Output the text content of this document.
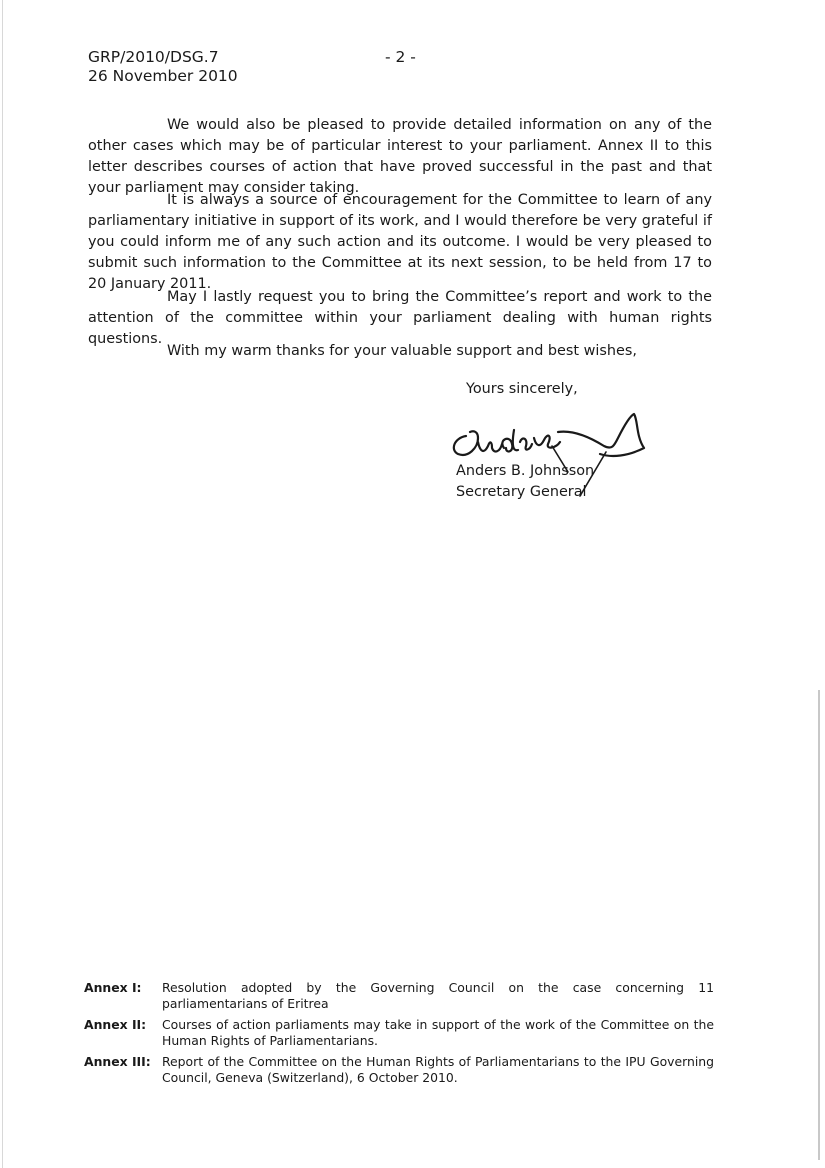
GRP/2010/DSG.7
26 November 2010
- 2 -

We would also be pleased to provide detailed information on any of the other cases which may be of particular interest to your parliament. Annex II to this letter describes courses of action that have proved successful in the past and that your parliament may consider taking.

It is always a source of encouragement for the Committee to learn of any parliamentary initiative in support of its work, and I would therefore be very grateful if you could inform me of any such action and its outcome. I would be very pleased to submit such information to the Committee at its next session, to be held from 17 to 20 January 2011.

May I lastly request you to bring the Committee’s report and work to the attention of the committee within your parliament dealing with human rights questions.

With my warm thanks for your valuable support and best wishes,

Yours sincerely,
Anders B. Johnsson
Secretary General
Annex I:	Resolution adopted by the Governing Council on the case concerning 11 parliamentarians of Eritrea
Annex II:	Courses of action parliaments may take in support of the work of the Committee on the Human Rights of Parliamentarians.
Annex III: Report of the Committee on the Human Rights of Parliamentarians to the IPU Governing Council, Geneva (Switzerland), 6 October 2010.
